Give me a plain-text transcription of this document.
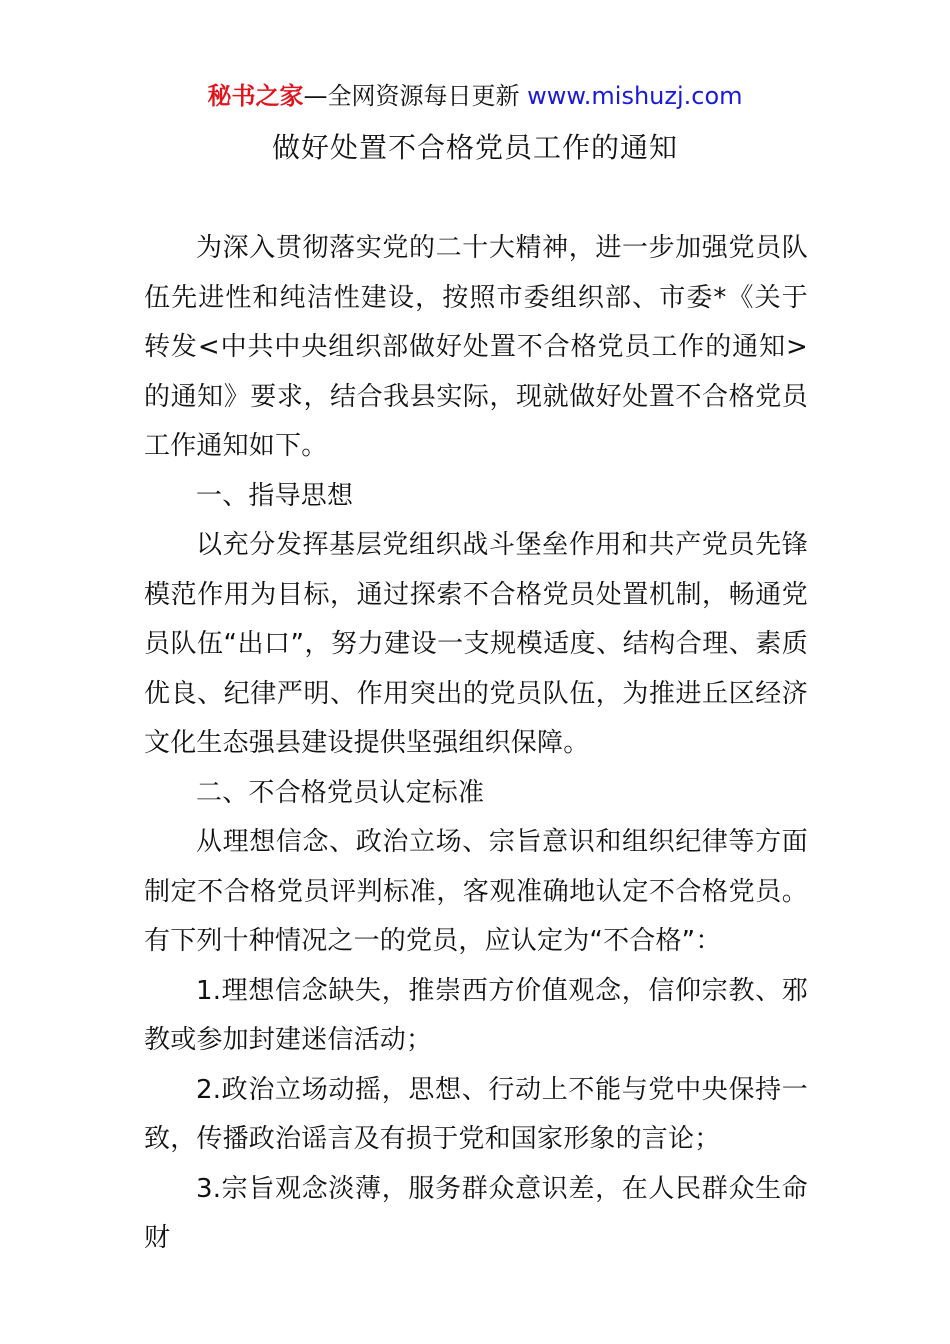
秘书之家—全网资源每日更新 www.mishuzj.com
做好处置不合格党员工作的通知

为深入贯彻落实党的二十大精神，进一步加强党员队伍先进性和纯洁性建设，按照市委组织部、市委*《关于转发<中共中央组织部做好处置不合格党员工作的通知>的通知》要求，结合我县实际，现就做好处置不合格党员工作通知如下。

一、指导思想

以充分发挥基层党组织战斗堡垒作用和共产党员先锋模范作用为目标，通过探索不合格党员处置机制，畅通党员队伍“出口”，努力建设一支规模适度、结构合理、素质优良、纪律严明、作用突出的党员队伍，为推进丘区经济文化生态强县建设提供坚强组织保障。

二、不合格党员认定标准

从理想信念、政治立场、宗旨意识和组织纪律等方面制定不合格党员评判标准，客观准确地认定不合格党员。有下列十种情况之一的党员，应认定为“不合格”：

1.理想信念缺失，推崇西方价值观念，信仰宗教、邪教或参加封建迷信活动；

2.政治立场动摇，思想、行动上不能与党中央保持一致，传播政治谣言及有损于党和国家形象的言论；

3.宗旨观念淡薄，服务群众意识差，在人民群众生命财
